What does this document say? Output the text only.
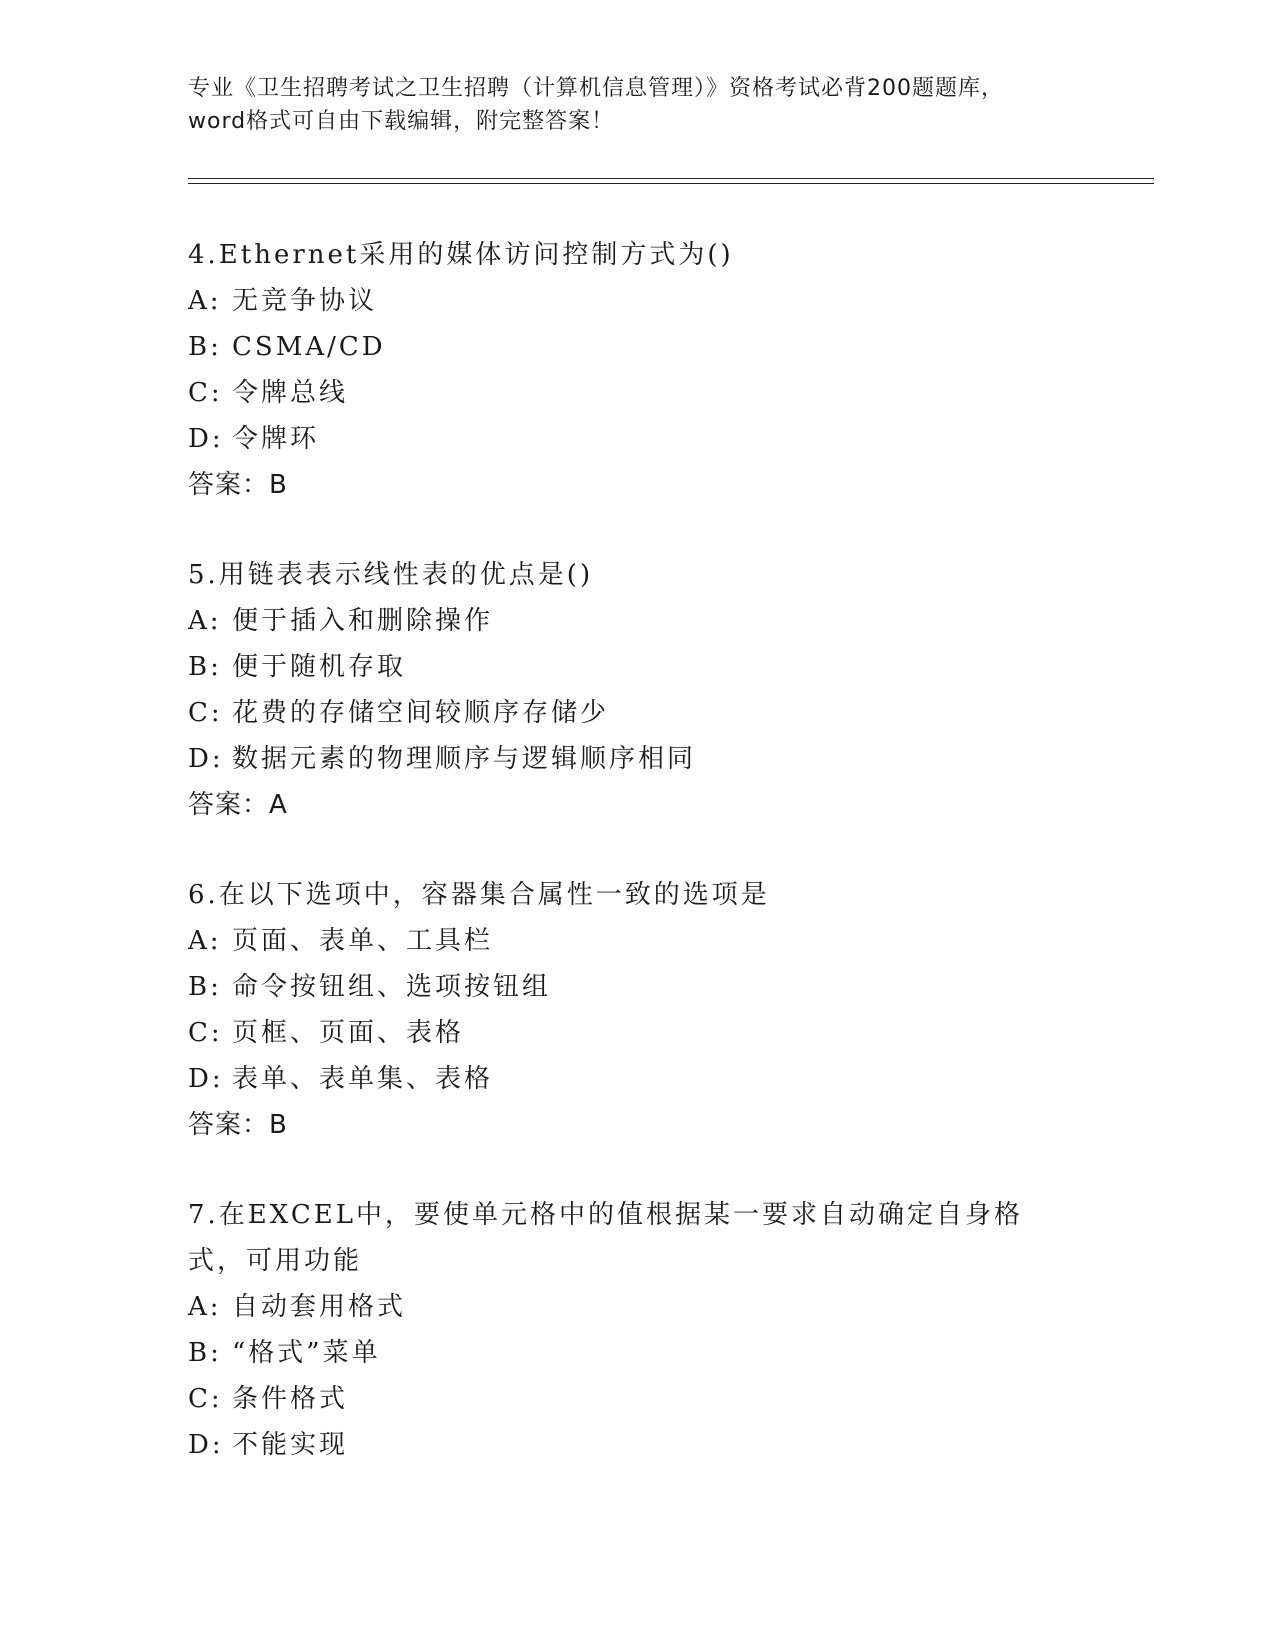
专业《卫生招聘考试之卫生招聘（计算机信息管理）》资格考试必背200题题库，
word格式可自由下载编辑，附完整答案！
4.Ethernet采用的媒体访问控制方式为()
A: 无竞争协议
B: CSMA/CD
C: 令牌总线
D: 令牌环
答案：B
5.用链表表示线性表的优点是()
A: 便于插入和删除操作
B: 便于随机存取
C: 花费的存储空间较顺序存储少
D: 数据元素的物理顺序与逻辑顺序相同
答案：A
6.在以下选项中，容器集合属性一致的选项是
A: 页面、表单、工具栏
B: 命令按钮组、选项按钮组
C: 页框、页面、表格
D: 表单、表单集、表格
答案：B
7.在EXCEL中，要使单元格中的值根据某一要求自动确定自身格式，可用功能
A: 自动套用格式
B: “格式”菜单
C: 条件格式
D: 不能实现
